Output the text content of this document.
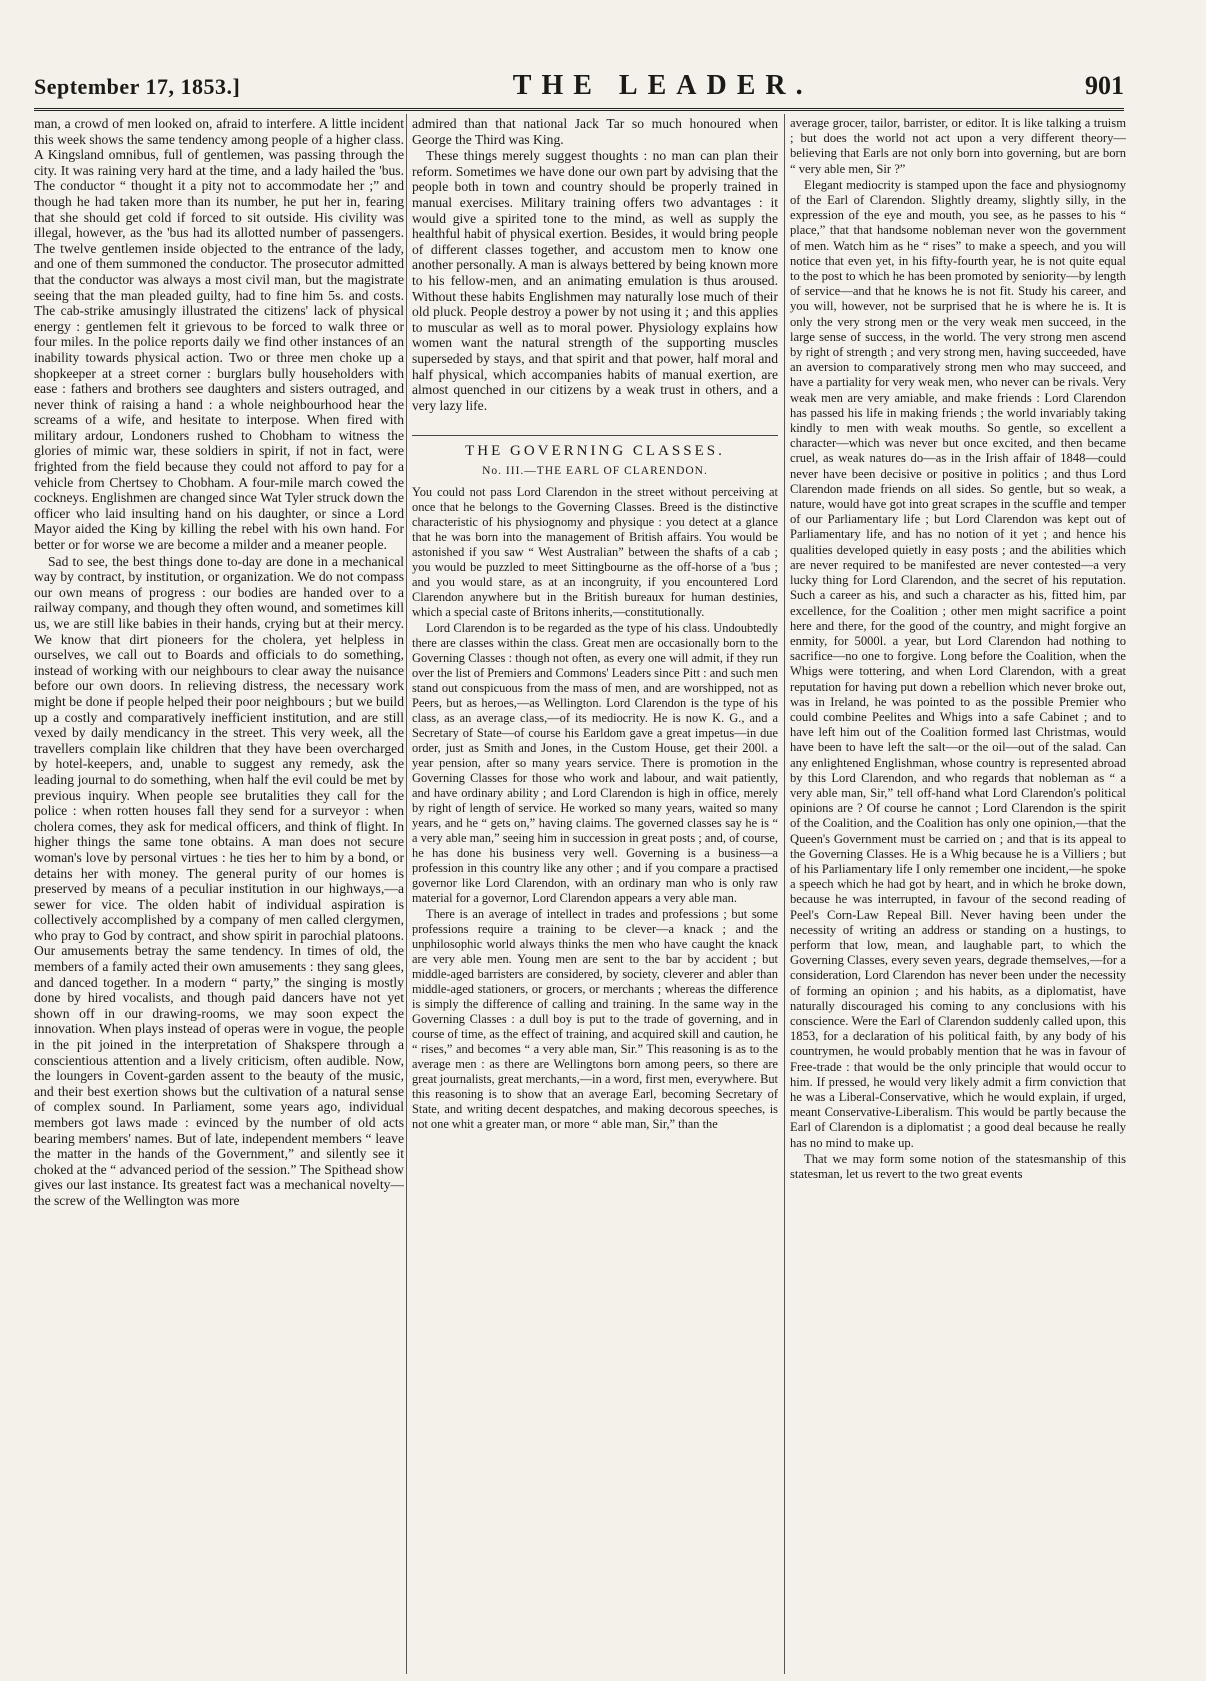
September 17, 1853.]	THE LEADER.	901

man, a crowd of men looked on, afraid to interfere. A little incident this week shows the same tendency among people of a higher class. A Kingsland omnibus, full of gentlemen, was passing through the city. It was raining very hard at the time, and a lady hailed the 'bus. The conductor “ thought it a pity not to accommodate her ;” and though he had taken more than its number, he put her in, fearing that she should get cold if forced to sit outside. His civility was illegal, however, as the 'bus had its allotted number of passengers. The twelve gentlemen inside objected to the entrance of the lady, and one of them summoned the conductor. The prosecutor admitted that the conductor was always a most civil man, but the magistrate seeing that the man pleaded guilty, had to fine him 5s. and costs. The cab-strike amusingly illustrated the citizens' lack of physical energy : gentlemen felt it grievous to be forced to walk three or four miles. In the police reports daily we find other instances of an inability towards physical action. Two or three men choke up a shopkeeper at a street corner : burglars bully householders with ease : fathers and brothers see daughters and sisters outraged, and never think of raising a hand : a whole neighbourhood hear the screams of a wife, and hesitate to interpose. When fired with military ardour, Londoners rushed to Chobham to witness the glories of mimic war, these soldiers in spirit, if not in fact, were frighted from the field because they could not afford to pay for a vehicle from Chertsey to Chobham. A four-mile march cowed the cockneys. Englishmen are changed since Wat Tyler struck down the officer who laid insulting hand on his daughter, or since a Lord Mayor aided the King by killing the rebel with his own hand. For better or for worse we are become a milder and a meaner people.

Sad to see, the best things done to-day are done in a mechanical way by contract, by institution, or organization. We do not compass our own means of progress : our bodies are handed over to a railway company, and though they often wound, and sometimes kill us, we are still like babies in their hands, crying but at their mercy. We know that dirt pioneers for the cholera, yet helpless in ourselves, we call out to Boards and officials to do something, instead of working with our neighbours to clear away the nuisance before our own doors. In relieving distress, the necessary work might be done if people helped their poor neighbours ; but we build up a costly and comparatively inefficient institution, and are still vexed by daily mendicancy in the street. This very week, all the travellers complain like children that they have been overcharged by hotel-keepers, and, unable to suggest any remedy, ask the leading journal to do something, when half the evil could be met by previous inquiry. When people see brutalities they call for the police : when rotten houses fall they send for a surveyor : when cholera comes, they ask for medical officers, and think of flight. In higher things the same tone obtains. A man does not secure woman's love by personal virtues : he ties her to him by a bond, or detains her with money. The general purity of our homes is preserved by means of a peculiar institution in our highways,—a sewer for vice. The olden habit of individual aspiration is collectively accomplished by a company of men called clergymen, who pray to God by contract, and show spirit in parochial platoons. Our amusements betray the same tendency. In times of old, the members of a family acted their own amusements : they sang glees, and danced together. In a modern “ party,” the singing is mostly done by hired vocalists, and though paid dancers have not yet shown off in our drawing-rooms, we may soon expect the innovation. When plays instead of operas were in vogue, the people in the pit joined in the interpretation of Shakspere through a conscientious attention and a lively criticism, often audible. Now, the loungers in Covent-garden assent to the beauty of the music, and their best exertion shows but the cultivation of a natural sense of complex sound. In Parliament, some years ago, individual members got laws made : evinced by the number of old acts bearing members' names. But of late, independent members “ leave the matter in the hands of the Government,” and silently see it choked at the “ advanced period of the session.” The Spithead show gives our last instance. Its greatest fact was a mechanical novelty—the screw of the Wellington was more

admired than that national Jack Tar so much honoured when George the Third was King.

These things merely suggest thoughts : no man can plan their reform. Sometimes we have done our own part by advising that the people both in town and country should be properly trained in manual exercises. Military training offers two advantages : it would give a spirited tone to the mind, as well as supply the healthful habit of physical exertion. Besides, it would bring people of different classes together, and accustom men to know one another personally. A man is always bettered by being known more to his fellow-men, and an animating emulation is thus aroused. Without these habits Englishmen may naturally lose much of their old pluck. People destroy a power by not using it ; and this applies to muscular as well as to moral power. Physiology explains how women want the natural strength of the supporting muscles superseded by stays, and that spirit and that power, half moral and half physical, which accompanies habits of manual exertion, are almost quenched in our citizens by a weak trust in others, and a very lazy life.

THE GOVERNING CLASSES.
No. III.—THE EARL OF CLARENDON.

You could not pass Lord Clarendon in the street without perceiving at once that he belongs to the Governing Classes. Breed is the distinctive characteristic of his physiognomy and physique : you detect at a glance that he was born into the management of British affairs. You would be astonished if you saw “ West Australian” between the shafts of a cab ; you would be puzzled to meet Sittingbourne as the off-horse of a 'bus ; and you would stare, as at an incongruity, if you encountered Lord Clarendon anywhere but in the British bureaux for human destinies, which a special caste of Britons inherits,—constitutionally.

Lord Clarendon is to be regarded as the type of his class. Undoubtedly there are classes within the class. Great men are occasionally born to the Governing Classes : though not often, as every one will admit, if they run over the list of Premiers and Commons' Leaders since Pitt : and such men stand out conspicuous from the mass of men, and are worshipped, not as Peers, but as heroes,—as Wellington. Lord Clarendon is the type of his class, as an average class,—of its mediocrity. He is now K. G., and a Secretary of State—of course his Earldom gave a great impetus—in due order, just as Smith and Jones, in the Custom House, get their 200l. a year pension, after so many years service. There is promotion in the Governing Classes for those who work and labour, and wait patiently, and have ordinary ability ; and Lord Clarendon is high in office, merely by right of length of service. He worked so many years, waited so many years, and he “ gets on,” having claims. The governed classes say he is “ a very able man,” seeing him in succession in great posts ; and, of course, he has done his business very well. Governing is a business—a profession in this country like any other ; and if you compare a practised governor like Lord Clarendon, with an ordinary man who is only raw material for a governor, Lord Clarendon appears a very able man.

There is an average of intellect in trades and professions ; but some professions require a training to be clever—a knack ; and the unphilosophic world always thinks the men who have caught the knack are very able men. Young men are sent to the bar by accident ; but middle-aged barristers are considered, by society, cleverer and abler than middle-aged stationers, or grocers, or merchants ; whereas the difference is simply the difference of calling and training. In the same way in the Governing Classes : a dull boy is put to the trade of governing, and in course of time, as the effect of training, and acquired skill and caution, he “ rises,” and becomes “ a very able man, Sir.” This reasoning is as to the average men : as there are Wellingtons born among peers, so there are great journalists, great merchants,—in a word, first men, everywhere. But this reasoning is to show that an average Earl, becoming Secretary of State, and writing decent despatches, and making decorous speeches, is not one whit a greater man, or more “ able man, Sir,” than the

average grocer, tailor, barrister, or editor. It is like talking a truism ; but does the world not act upon a very different theory—believing that Earls are not only born into governing, but are born “ very able men, Sir ?”

Elegant mediocrity is stamped upon the face and physiognomy of the Earl of Clarendon. Slightly dreamy, slightly silly, in the expression of the eye and mouth, you see, as he passes to his “ place,” that that handsome nobleman never won the government of men. Watch him as he “ rises” to make a speech, and you will notice that even yet, in his fifty-fourth year, he is not quite equal to the post to which he has been promoted by seniority—by length of service—and that he knows he is not fit. Study his career, and you will, however, not be surprised that he is where he is. It is only the very strong men or the very weak men succeed, in the large sense of success, in the world. The very strong men ascend by right of strength ; and very strong men, having succeeded, have an aversion to comparatively strong men who may succeed, and have a partiality for very weak men, who never can be rivals. Very weak men are very amiable, and make friends : Lord Clarendon has passed his life in making friends ; the world invariably taking kindly to men with weak mouths. So gentle, so excellent a character—which was never but once excited, and then became cruel, as weak natures do—as in the Irish affair of 1848—could never have been decisive or positive in politics ; and thus Lord Clarendon made friends on all sides. So gentle, but so weak, a nature, would have got into great scrapes in the scuffle and temper of our Parliamentary life ; but Lord Clarendon was kept out of Parliamentary life, and has no notion of it yet ; and hence his qualities developed quietly in easy posts ; and the abilities which are never required to be manifested are never contested—a very lucky thing for Lord Clarendon, and the secret of his reputation. Such a career as his, and such a character as his, fitted him, par excellence, for the Coalition ; other men might sacrifice a point here and there, for the good of the country, and might forgive an enmity, for 5000l. a year, but Lord Clarendon had nothing to sacrifice—no one to forgive. Long before the Coalition, when the Whigs were tottering, and when Lord Clarendon, with a great reputation for having put down a rebellion which never broke out, was in Ireland, he was pointed to as the possible Premier who could combine Peelites and Whigs into a safe Cabinet ; and to have left him out of the Coalition formed last Christmas, would have been to have left the salt—or the oil—out of the salad. Can any enlightened Englishman, whose country is represented abroad by this Lord Clarendon, and who regards that nobleman as “ a very able man, Sir,” tell off-hand what Lord Clarendon's political opinions are ? Of course he cannot ; Lord Clarendon is the spirit of the Coalition, and the Coalition has only one opinion,—that the Queen's Government must be carried on ; and that is its appeal to the Governing Classes. He is a Whig because he is a Villiers ; but of his Parliamentary life I only remember one incident,—he spoke a speech which he had got by heart, and in which he broke down, because he was interrupted, in favour of the second reading of Peel's Corn-Law Repeal Bill. Never having been under the necessity of writing an address or standing on a hustings, to perform that low, mean, and laughable part, to which the Governing Classes, every seven years, degrade themselves,—for a consideration, Lord Clarendon has never been under the necessity of forming an opinion ; and his habits, as a diplomatist, have naturally discouraged his coming to any conclusions with his conscience. Were the Earl of Clarendon suddenly called upon, this 1853, for a declaration of his political faith, by any body of his countrymen, he would probably mention that he was in favour of Free-trade : that would be the only principle that would occur to him. If pressed, he would very likely admit a firm conviction that he was a Liberal-Conservative, which he would explain, if urged, meant Conservative-Liberalism. This would be partly because the Earl of Clarendon is a diplomatist ; a good deal because he really has no mind to make up.

That we may form some notion of the statesmanship of this statesman, let us revert to the two great events
